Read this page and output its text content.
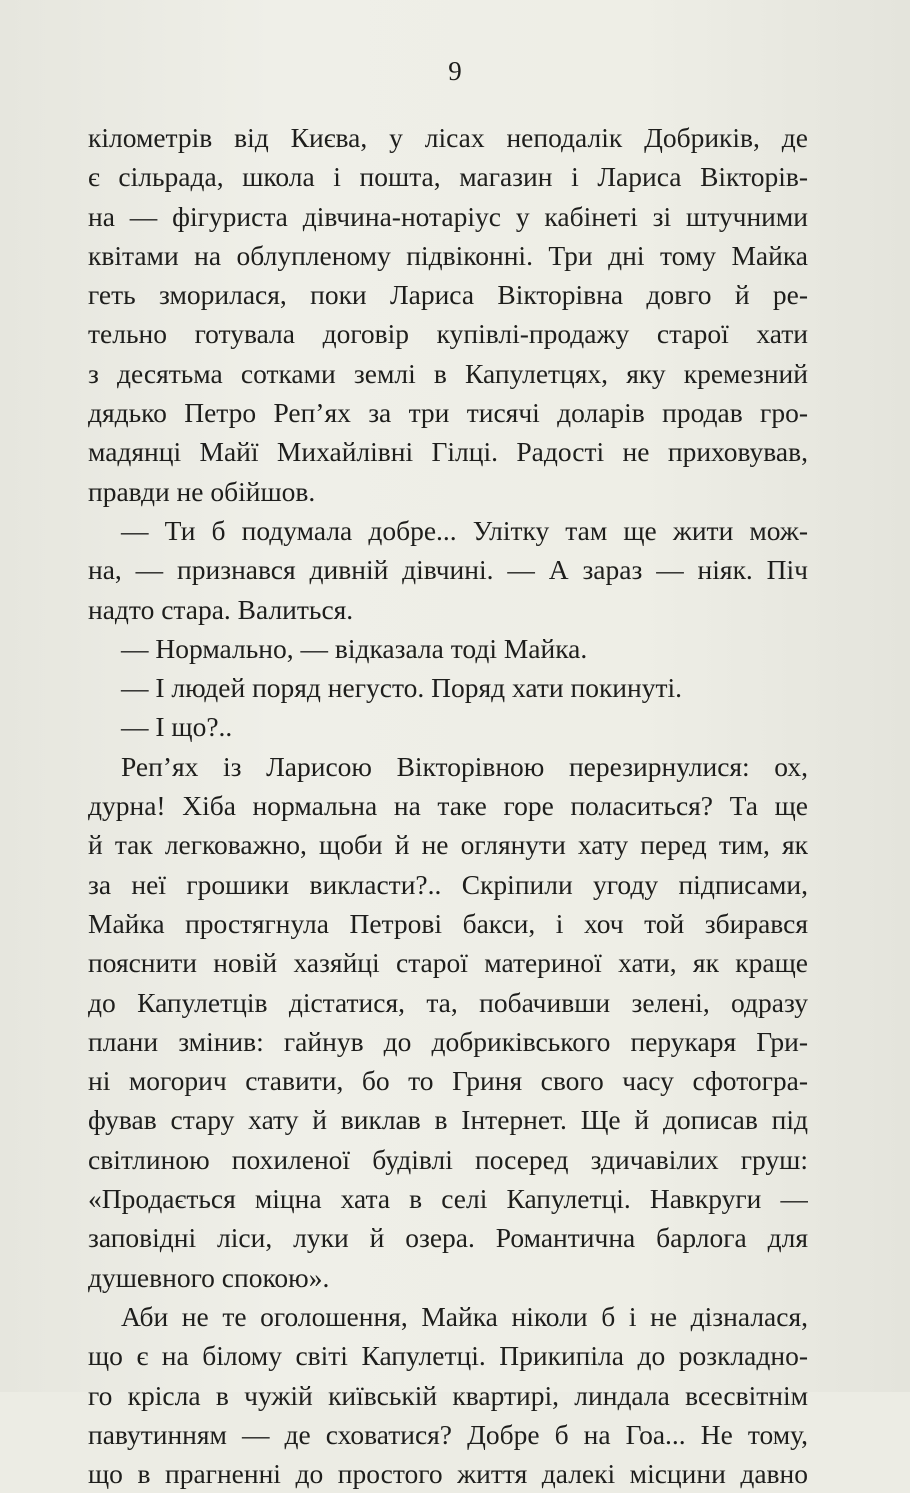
9
кілометрів від Києва, у лісах неподалік Добриків, де
є сільрада, школа і пошта, магазин і Лариса Вікторів-
на — фігуриста дівчина-нотаріус у кабінеті зі штучними
квітами на облупленому підвіконні. Три дні тому Майка
геть зморилася, поки Лариса Вікторівна довго й ре-
тельно готувала договір купівлі-продажу старої хати
з десятьма сотками землі в Капулетцях, яку кремезний
дядько Петро Реп’ях за три тисячі доларів продав гро-
мадянці Майї Михайлівні Гілці. Радості не приховував,
правди не обійшов.
— Ти б подумала добре... Улітку там ще жити мож-
на, — признався дивній дівчині. — А зараз — ніяк. Піч
надто стара. Валиться.
— Нормально, — відказала тоді Майка.
— І людей поряд негусто. Поряд хати покинуті.
— І що?..
Реп’ях із Ларисою Вікторівною перезирнулися: ох,
дурна! Хіба нормальна на таке горе поласиться? Та ще
й так легковажно, щоби й не оглянути хату перед тим, як
за неї грошики викласти?.. Скріпили угоду підписами,
Майка простягнула Петрові бакси, і хоч той збирався
пояснити новій хазяйці старої материної хати, як краще
до Капулетців дістатися, та, побачивши зелені, одразу
плани змінив: гайнув до добриківського перукаря Гри-
ні могорич ставити, бо то Гриня свого часу сфотогра-
фував стару хату й виклав в Інтернет. Ще й дописав під
світлиною похиленої будівлі посеред здичавілих груш:
«Продається міцна хата в селі Капулетці. Навкруги —
заповідні ліси, луки й озера. Романтична барлога для
душевного спокою».
Аби не те оголошення, Майка ніколи б і не дізналася,
що є на білому світі Капулетці. Прикипіла до розкладно-
го крісла в чужій київській квартирі, линдала всесвітнім
павутинням — де сховатися? Добре б на Гоа... Не тому,
що в прагненні до простого життя далекі місцини давно
